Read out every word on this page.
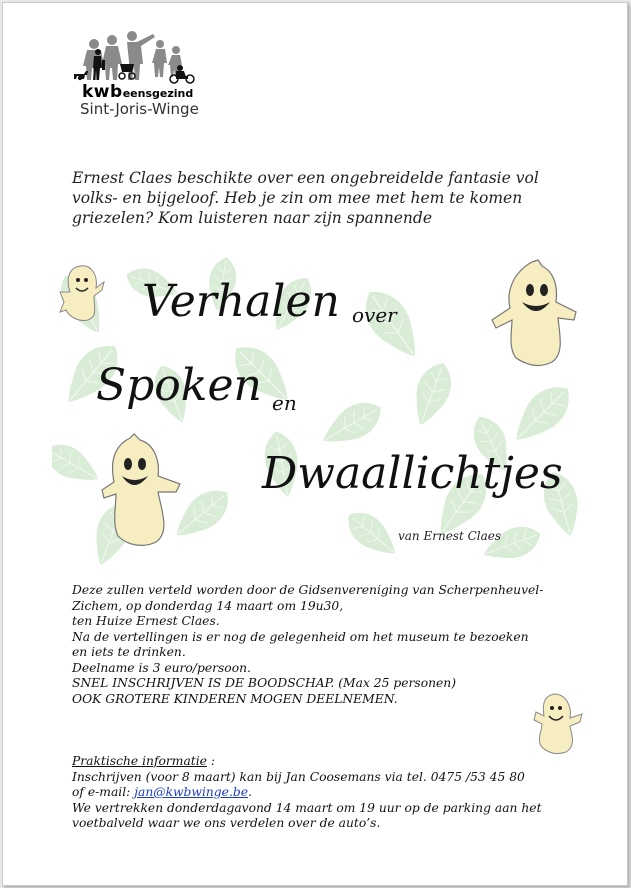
kwbeensgezind
Sint-Joris-Winge
Ernest Claes beschikte over een ongebreidelde fantasie vol
volks- en bijgeloof. Heb je zin om mee met hem te komen
griezelen? Kom luisteren naar zijn spannende
Verhalen over
Spoken en
Dwaallichtjes
van Ernest Claes

Deze zullen verteld worden door de Gidsenvereniging van Scherpenheuvel-

Zichem, op donderdag 14 maart om 19u30,

ten Huize Ernest Claes.

Na de vertellingen is er nog de gelegenheid om het museum te bezoeken

en iets te drinken.

Deelname is 3 euro/persoon.

SNEL INSCHRIJVEN IS DE BOODSCHAP. (Max 25 personen)

OOK GROTERE KINDEREN MOGEN DEELNEMEN.

Praktische informatie :

Inschrijven (voor 8 maart) kan bij Jan Coosemans via tel. 0475 /53 45 80

of e-mail: jan@kwbwinge.be.

We vertrekken donderdagavond 14 maart om 19 uur op de parking aan het

voetbalveld waar we ons verdelen over de auto’s.
